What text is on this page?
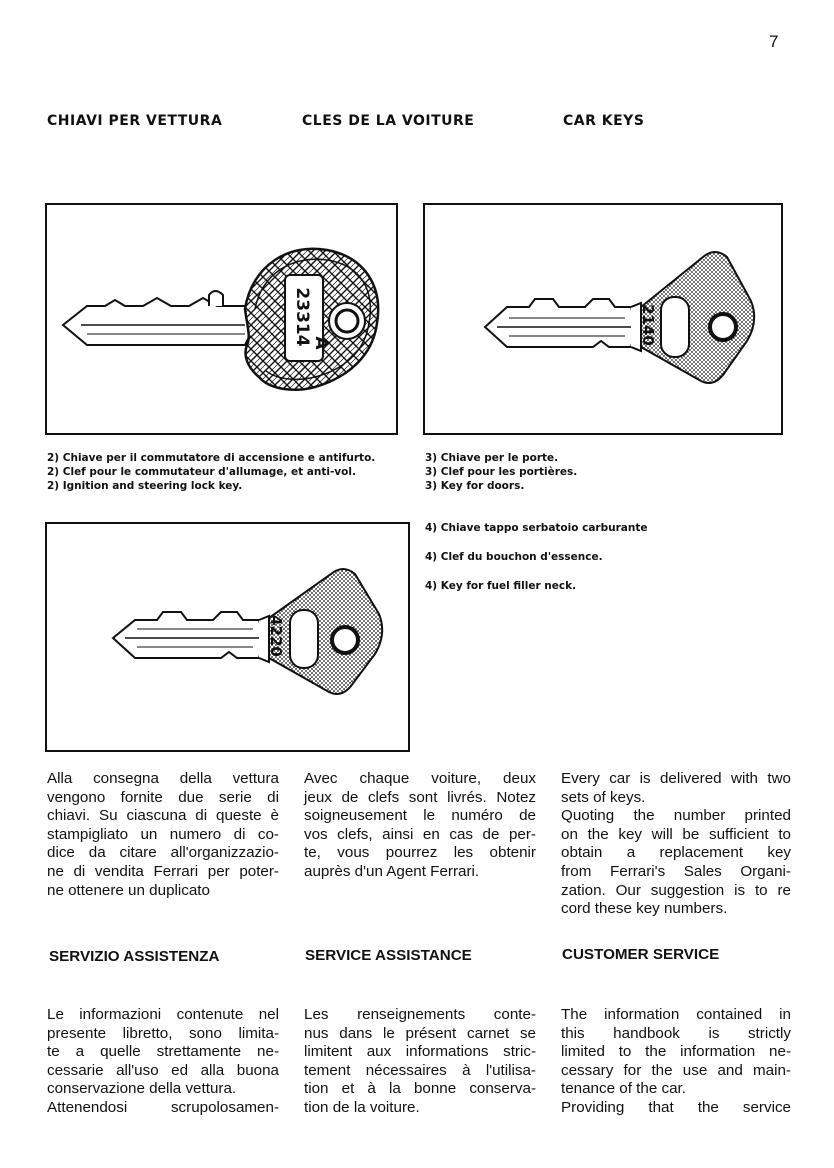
7
CHIAVI PER VETTURA	CLES DE LA VOITURE	CAR KEYS
23314 A	2140
2) Chiave per il commutatore di accensione e antifurto.
2) Clef pour le commutateur d'allumage, et anti-vol.
2) Ignition and steering lock key.
3) Chiave per le porte.
3) Clef pour les portières.
3) Key for doors.
4220
4) Chiave tappo serbatoio carburante
4) Clef du bouchon d'essence.
4) Key for fuel filler neck.
Alla consegna della vettura
vengono fornite due serie di
chiavi. Su ciascuna di queste è
stampigliato un numero di co-
dice da citare all'organizzazio-
ne di vendita Ferrari per poter-
ne ottenere un duplicato
Avec chaque voiture, deux
jeux de clefs sont livrés. Notez
soigneusement le numéro de
vos clefs, ainsi en cas de per-
te, vous pourrez les obtenir
auprès d'un Agent Ferrari.
Every car is delivered with two
sets of keys.
Quoting the number printed
on the key will be sufficient to
obtain a replacement key
from Ferrari's Sales Organi-
zation. Our suggestion is to re
cord these key numbers.
SERVIZIO ASSISTENZA	SERVICE ASSISTANCE	CUSTOMER SERVICE
Le informazioni contenute nel
presente libretto, sono limita-
te a quelle strettamente ne-
cessarie all'uso ed alla buona
conservazione della vettura.
Attenendosi scrupolosamen-
Les renseignements conte-
nus dans le présent carnet se
limitent aux informations stric-
tement nécessaires à l'utilisa-
tion et à la bonne conserva-
tion de la voiture.
The information contained in
this handbook is strictly
limited to the information ne-
cessary for the use and main-
tenance of the car.
Providing that the service
